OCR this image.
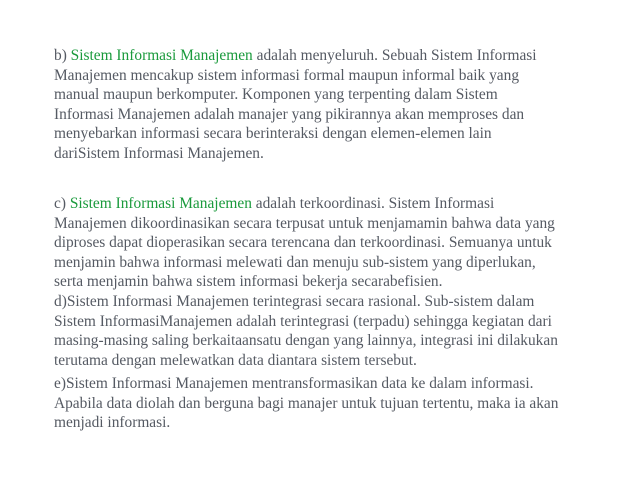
b) Sistem Informasi Manajemen adalah menyeluruh. Sebuah Sistem Informasi
Manajemen mencakup sistem informasi formal maupun informal baik yang
manual maupun berkomputer. Komponen yang terpenting dalam Sistem
Informasi Manajemen adalah manajer yang pikirannya akan memproses dan
menyebarkan informasi secara berinteraksi dengan elemen-elemen lain
dariSistem Informasi Manajemen.
c) Sistem Informasi Manajemen adalah terkoordinasi. Sistem Informasi
Manajemen dikoordinasikan secara terpusat untuk menjamamin bahwa data yang
diproses dapat dioperasikan secara terencana dan terkoordinasi. Semuanya untuk
menjamin bahwa informasi melewati dan menuju sub-sistem yang diperlukan,
serta menjamin bahwa sistem informasi bekerja secarabefisien.
d)Sistem Informasi Manajemen terintegrasi secara rasional. Sub-sistem dalam
Sistem InformasiManajemen adalah terintegrasi (terpadu) sehingga kegiatan dari
masing-masing saling berkaitaansatu dengan yang lainnya, integrasi ini dilakukan
terutama dengan melewatkan data diantara sistem tersebut.
e)Sistem Informasi Manajemen mentransformasikan data ke dalam informasi.
Apabila data diolah dan berguna bagi manajer untuk tujuan tertentu, maka ia akan
menjadi informasi.
